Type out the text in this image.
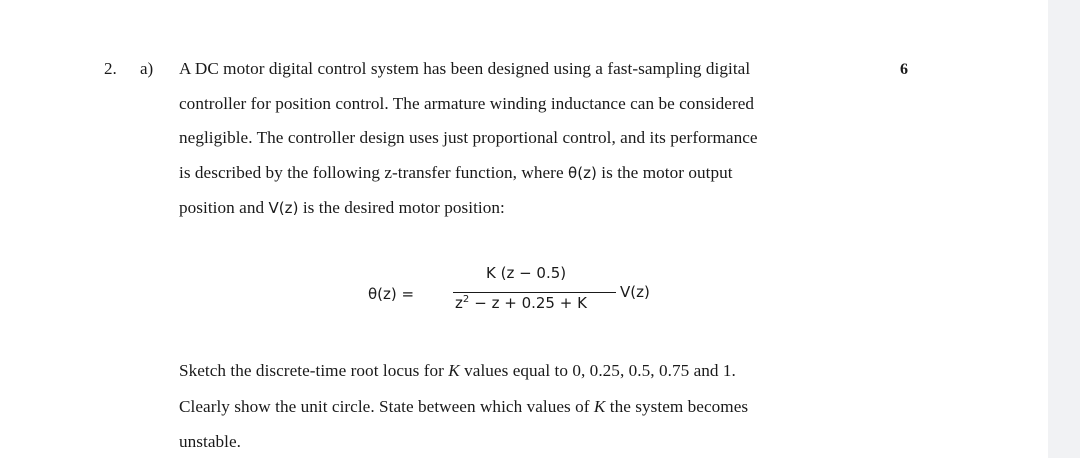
2. a)	6
A DC motor digital control system has been designed using a fast-sampling digital
controller for position control. The armature winding inductance can be considered
negligible. The controller design uses just proportional control, and its performance
is described by the following z-transfer function, where θ(z) is the motor output
position and V(z) is the desired motor position:
θ(z) =
K (z − 0.5)
$z^2 - z + 0.25 + K$
V(z)
Sketch the discrete-time root locus for K values equal to 0, 0.25, 0.5, 0.75 and 1.
Clearly show the unit circle. State between which values of K the system becomes
unstable.
